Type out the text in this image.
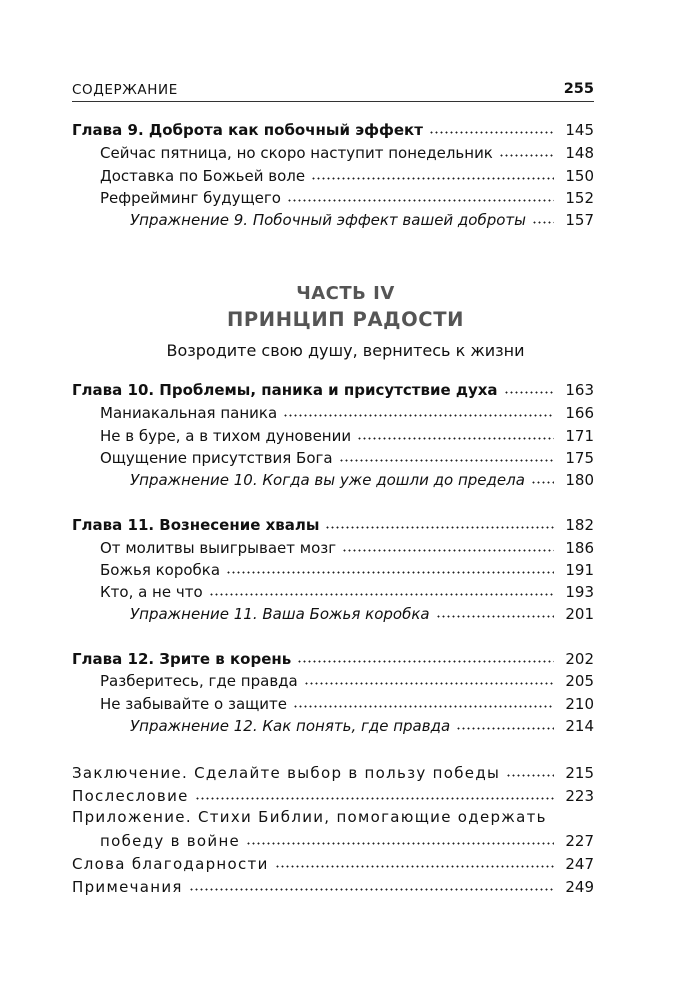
СОДЕРЖАНИЕ	255
Глава 9. Доброта как побочный эффект	145
Сейчас пятница, но скоро наступит понедельник	148
Доставка по Божьей воле	150
Рефрейминг будущего	152
Упражнение 9. Побочный эффект вашей доброты	157
ЧАСТЬ IV
ПРИНЦИП РАДОСТИ
Возродите свою душу, вернитесь к жизни
Глава 10. Проблемы, паника и присутствие духа	163
Маниакальная паника	166
Не в буре, а в тихом дуновении	171
Ощущение присутствия Бога	175
Упражнение 10. Когда вы уже дошли до предела	180
Глава 11. Вознесение хвалы	182
От молитвы выигрывает мозг	186
Божья коробка	191
Кто, а не что	193
Упражнение 11. Ваша Божья коробка	201
Глава 12. Зрите в корень	202
Разберитесь, где правда	205
Не забывайте о защите	210
Упражнение 12. Как понять, где правда	214
Заключение. Сделайте выбор в пользу победы	215
Послесловие	223
Приложение. Стихи Библии, помогающие одержать
победу в войне	227
Слова благодарности	247
Примечания	249
